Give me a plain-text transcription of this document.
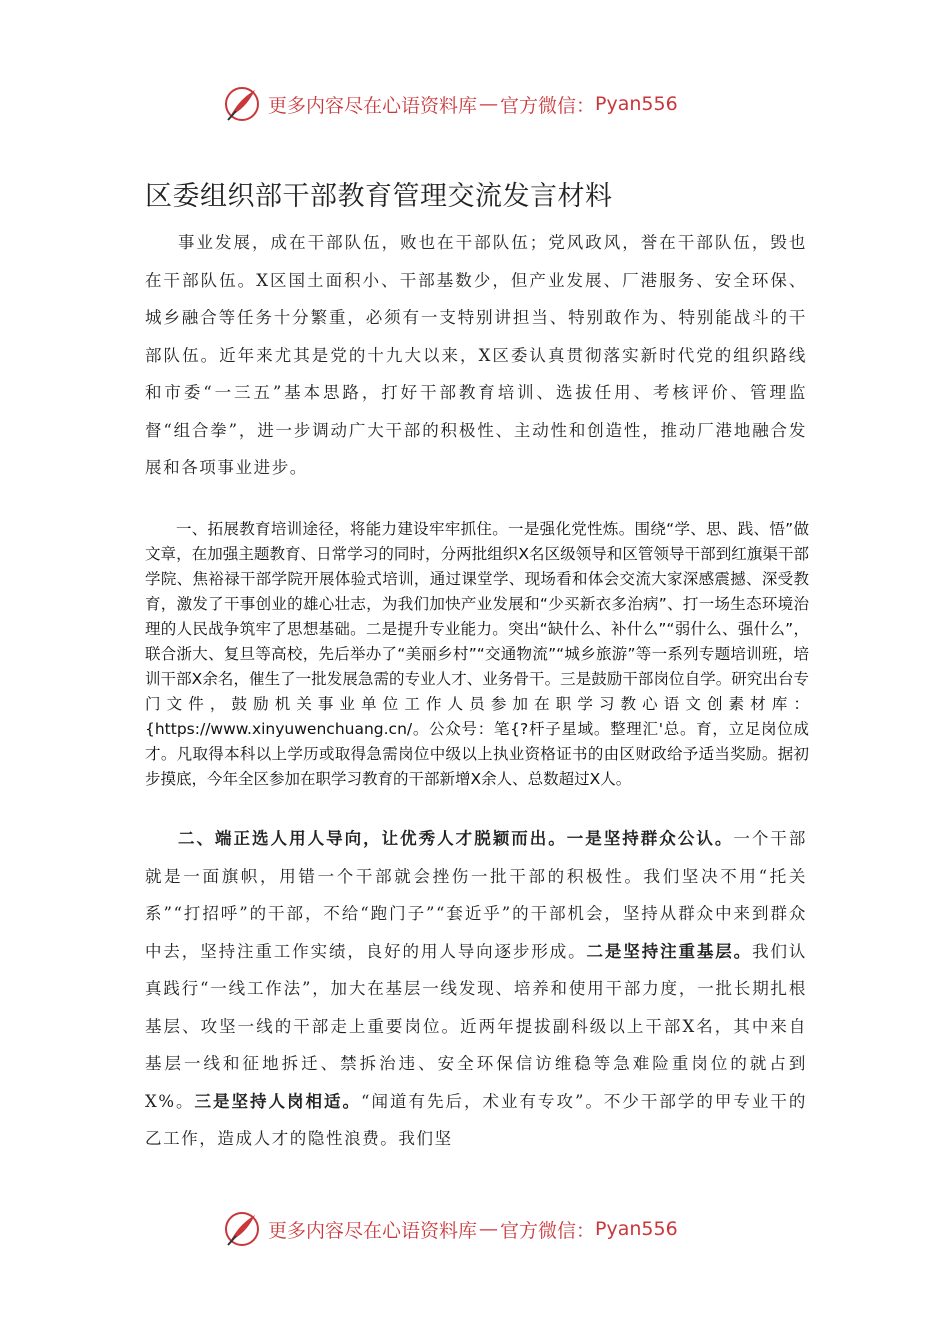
更多内容尽在心语资料库 — 官方微信： Pyan556
区委组织部干部教育管理交流发言材料

事业发展，成在干部队伍，败也在干部队伍；党风政风，誉在干部队伍，毁也在干部队伍。X区国土面积小、干部基数少，但产业发展、厂港服务、安全环保、城乡融合等任务十分繁重，必须有一支特别讲担当、特别敢作为、特别能战斗的干部队伍。近年来尤其是党的十九大以来，X区委认真贯彻落实新时代党的组织路线和市委“一三五”基本思路，打好干部教育培训、选拔任用、考核评价、管理监督“组合拳”，进一步调动广大干部的积极性、主动性和创造性，推动厂港地融合发展和各项事业进步。

一、拓展教育培训途径，将能力建设牢牢抓住。一是强化党性炼。围绕“学、思、践、悟”做文章，在加强主题教育、日常学习的同时，分两批组织X名区级领导和区管领导干部到红旗渠干部学院、焦裕禄干部学院开展体验式培训，通过课堂学、现场看和体会交流大家深感震撼、深受教育，激发了干事创业的雄心壮志，为我们加快产业发展和“少买新衣多治病”、打一场生态环境治理的人民战争筑牢了思想基础。二是提升专业能力。突出“缺什么、补什么”“弱什么、强什么”，联合浙大、复旦等高校，先后举办了“美丽乡村”“交通物流”“城乡旅游”等一系列专题培训班，培训干部X余名，催生了一批发展急需的专业人才、业务骨干。三是鼓励干部岗位自学。研究出台专门文件，鼓励机关事业单位工作人员参加在职学习教心语文创素材库：{https://www.xinyuwenchuang.cn/。公众号：笔{?杆子星域。整理汇'总。育，立足岗位成才。凡取得本科以上学历或取得急需岗位中级以上执业资格证书的由区财政给予适当奖励。据初步摸底，今年全区参加在职学习教育的干部新增X余人、总数超过X人。

二、端正选人用人导向，让优秀人才脱颖而出。一是坚持群众公认。一个干部就是一面旗帜，用错一个干部就会挫伤一批干部的积极性。我们坚决不用“托关系”“打招呼”的干部，不给“跑门子”“套近乎”的干部机会，坚持从群众中来到群众中去，坚持注重工作实绩，良好的用人导向逐步形成。二是坚持注重基层。我们认真践行“一线工作法”，加大在基层一线发现、培养和使用干部力度，一批长期扎根基层、攻坚一线的干部走上重要岗位。近两年提拔副科级以上干部X名，其中来自基层一线和征地拆迁、禁拆治违、安全环保信访维稳等急难险重岗位的就占到X%。三是坚持人岗相适。“闻道有先后，术业有专攻”。不少干部学的甲专业干的乙工作，造成人才的隐性浪费。我们坚

更多内容尽在心语资料库 — 官方微信： Pyan556
